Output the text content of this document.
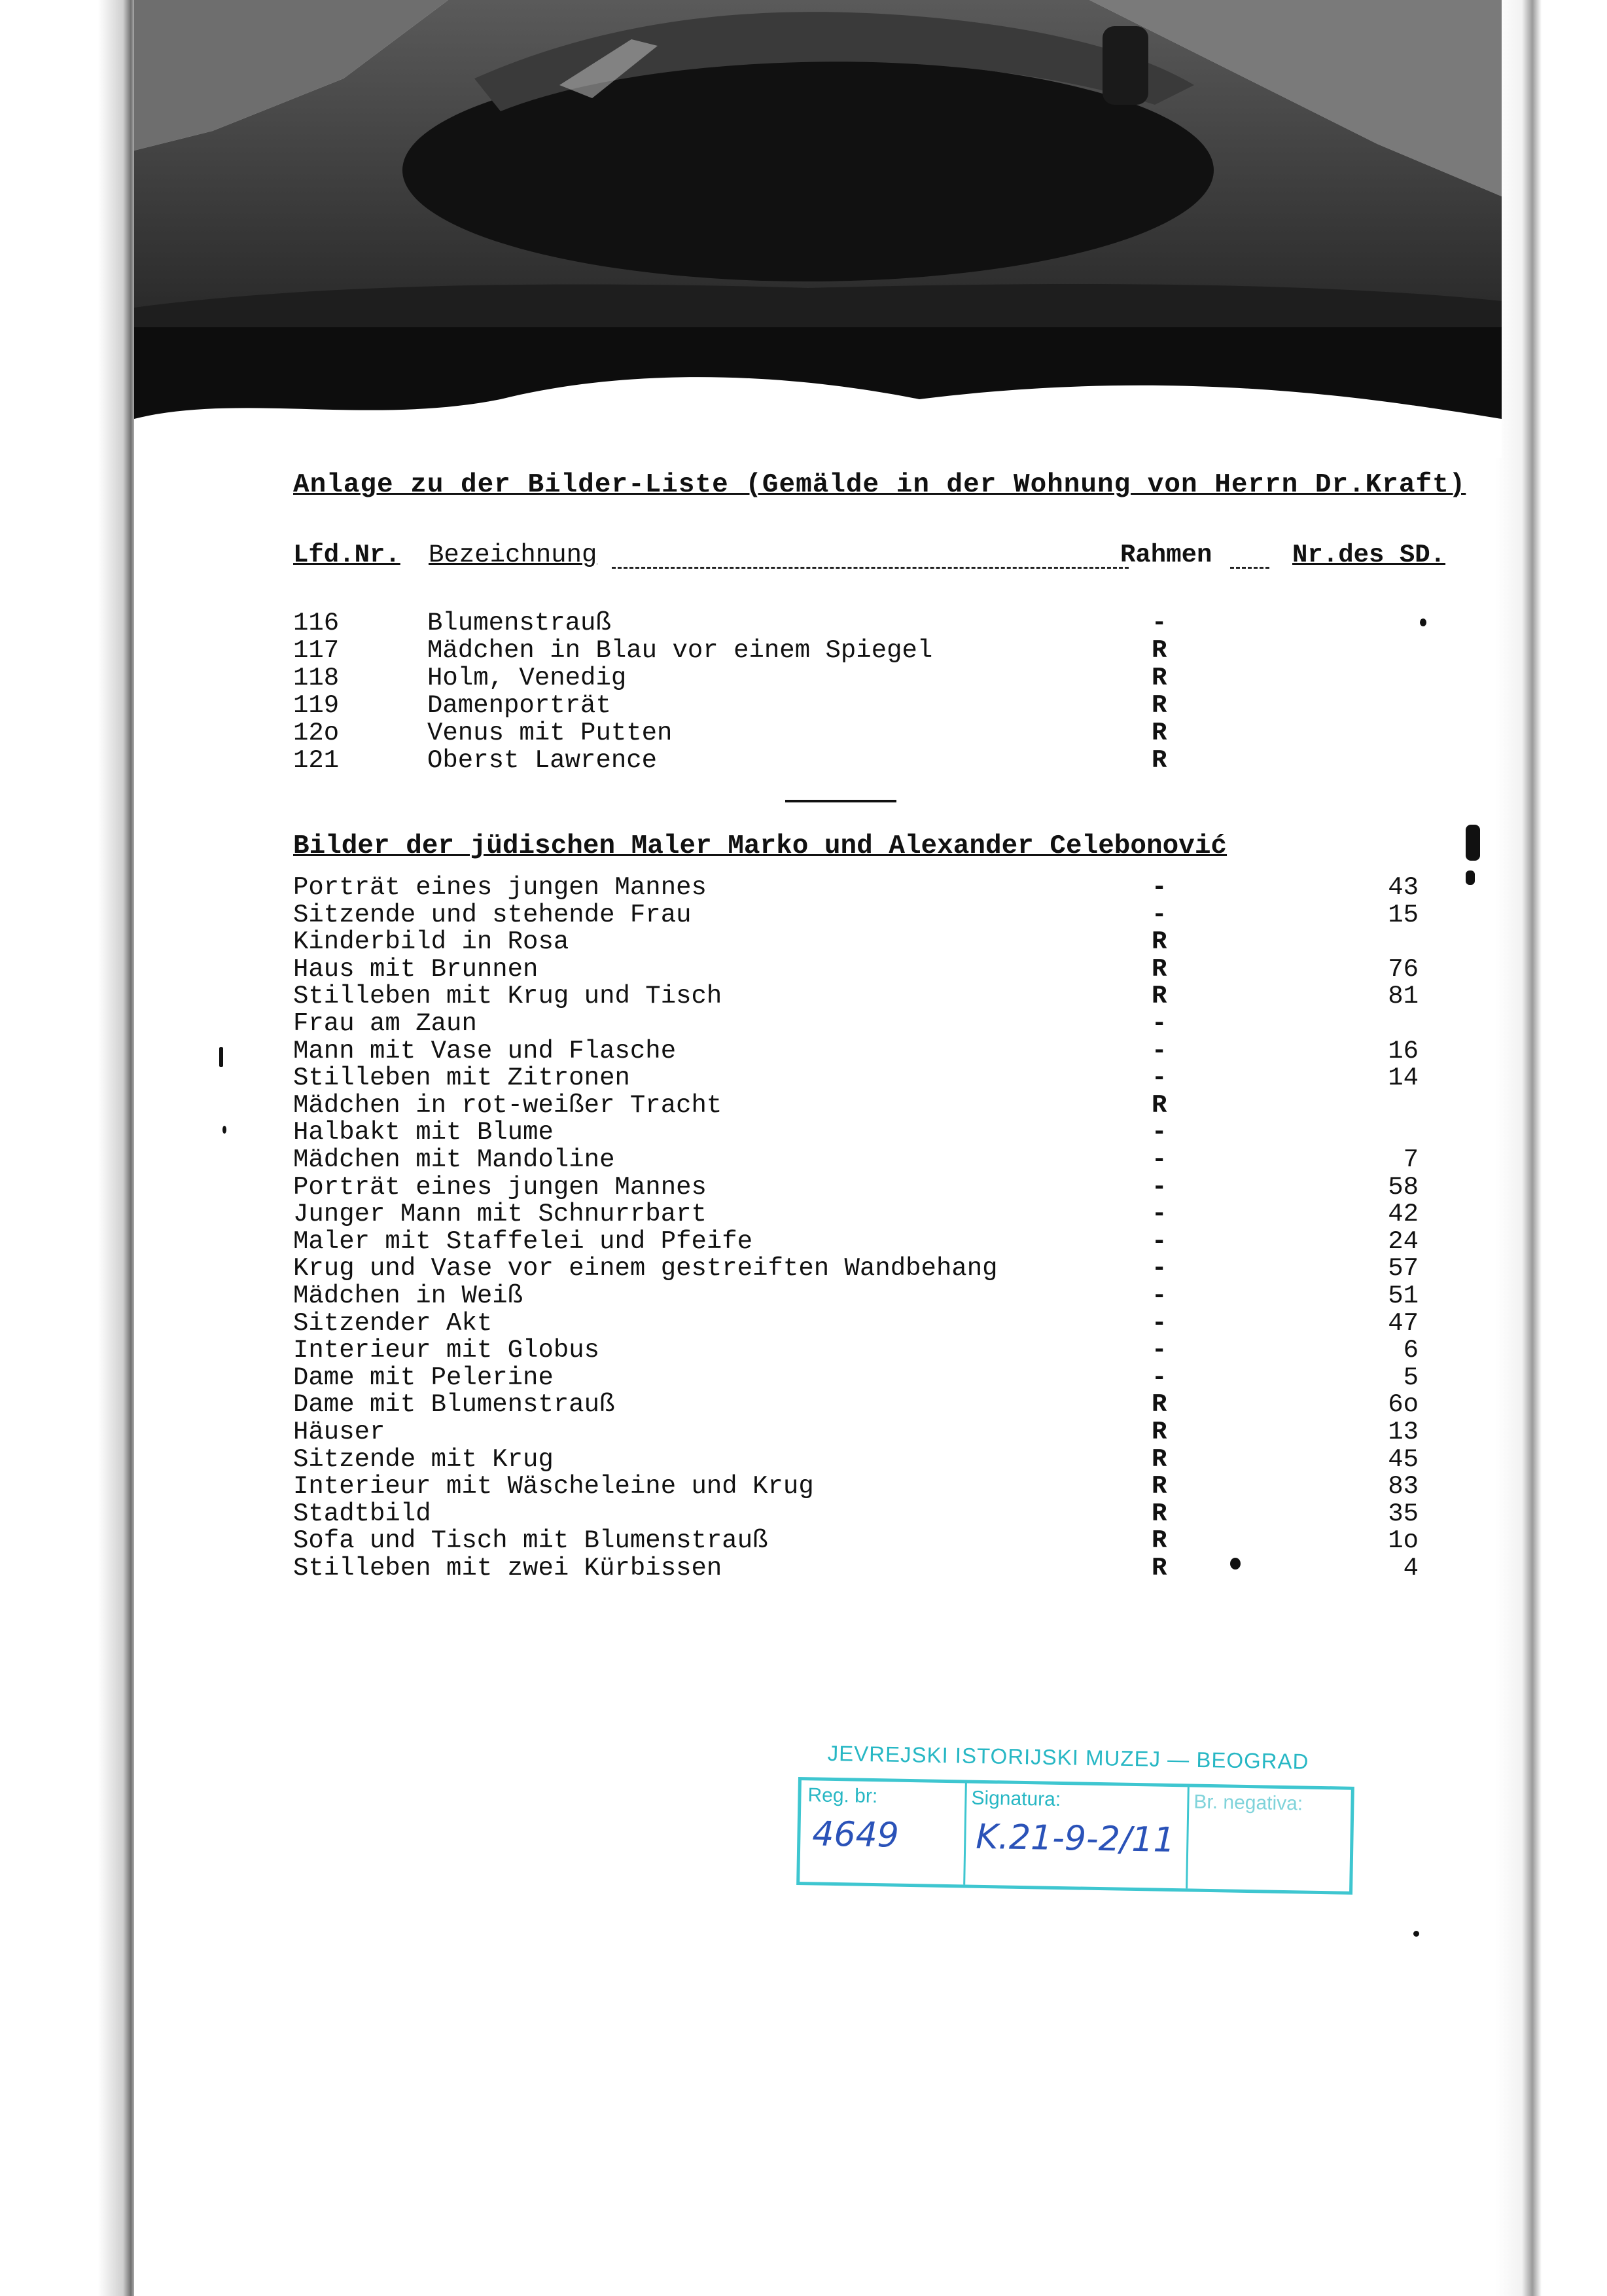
Anlage zu der Bilder-Liste (Gemälde in der Wohnung von Herrn Dr.Kraft)
Lfd.Nr. Bezeichnung	Rahmen	Nr.des SD.
116	Blumenstrauß	-
117	Mädchen in Blau vor einem Spiegel	R
118	Holm, Venedig	R
119	Damenporträt	R
12o	Venus mit Putten	R
121	Oberst Lawrence	R
Bilder der jüdischen Maler Marko und Alexander Celebonović
Porträt eines jungen Mannes	-	43
Sitzende und stehende Frau	-	15
Kinderbild in Rosa	R
Haus mit Brunnen	R	76
Stilleben mit Krug und Tisch	R	81
Frau am Zaun	-
Mann mit Vase und Flasche	-	16
Stilleben mit Zitronen	-	14
Mädchen in rot-weißer Tracht	R
Halbakt mit Blume	-
Mädchen mit Mandoline	-	7
Porträt eines jungen Mannes	-	58
Junger Mann mit Schnurrbart	-	42
Maler mit Staffelei und Pfeife	-	24
Krug und Vase vor einem gestreiften Wandbehang	-	57
Mädchen in Weiß	-	51
Sitzender Akt	-	47
Interieur mit Globus	-	6
Dame mit Pelerine	-	5
Dame mit Blumenstrauß	R	6o
Häuser	R	13
Sitzende mit Krug	R	45
Interieur mit Wäscheleine und Krug	R	83
Stadtbild	R	35
Sofa und Tisch mit Blumenstrauß	R	1o
Stilleben mit zwei Kürbissen	R	4
JEVREJSKI ISTORIJSKI MUZEJ — BEOGRAD
Reg. br:
4649
Signatura:
K.21-9-2/11
Br. negativa:
